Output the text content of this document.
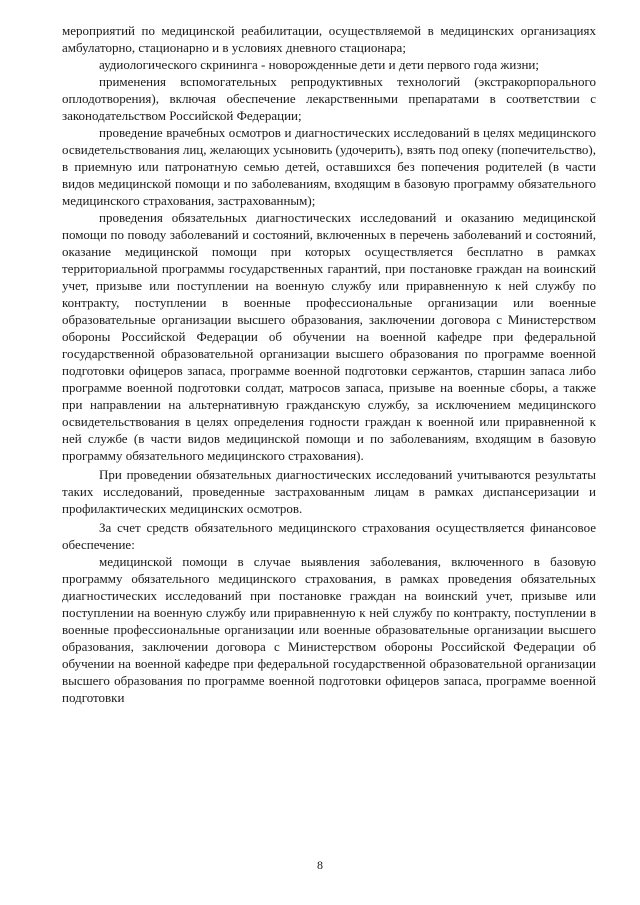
мероприятий по медицинской реабилитации, осуществляемой в медицинских организациях амбулаторно, стационарно и в условиях дневного стационара;

аудиологического скрининга - новорожденные дети и дети первого года жизни;

применения вспомогательных репродуктивных технологий (экстракорпорального оплодотворения), включая обеспечение лекарственными препаратами в соответствии с законодательством Российской Федерации;

проведение врачебных осмотров и диагностических исследований в целях медицинского освидетельствования лиц, желающих усыновить (удочерить), взять под опеку (попечительство), в приемную или патронатную семью детей, оставшихся без попечения родителей (в части видов медицинской помощи и по заболеваниям, входящим в базовую программу обязательного медицинского страхования, застрахованным);

проведения обязательных диагностических исследований и оказанию медицинской помощи по поводу заболеваний и состояний, включенных в перечень заболеваний и состояний, оказание медицинской помощи при которых осуществляется бесплатно в рамках территориальной программы государственных гарантий, при постановке граждан на воинский учет, призыве или поступлении на военную службу или приравненную к ней службу по контракту, поступлении в военные профессиональные организации или военные образовательные организации высшего образования, заключении договора с Министерством обороны Российской Федерации об обучении на военной кафедре при федеральной государственной образовательной организации высшего образования по программе военной подготовки офицеров запаса, программе военной подготовки сержантов, старшин запаса либо программе военной подготовки солдат, матросов запаса, призыве на военные сборы, а также при направлении на альтернативную гражданскую службу, за исключением медицинского освидетельствования в целях определения годности граждан к военной или приравненной к ней службе (в части видов медицинской помощи и по заболеваниям, входящим в базовую программу обязательного медицинского страхования).

При проведении обязательных диагностических исследований учитываются результаты таких исследований, проведенные застрахованным лицам в рамках диспансеризации и профилактических медицинских осмотров.

За счет средств обязательного медицинского страхования осуществляется финансовое обеспечение:

медицинской помощи в случае выявления заболевания, включенного в базовую программу обязательного медицинского страхования, в рамках проведения обязательных диагностических исследований при постановке граждан на воинский учет, призыве или поступлении на военную службу или приравненную к ней службу по контракту, поступлении в военные профессиональные организации или военные образовательные организации высшего образования, заключении договора с Министерством обороны Российской Федерации об обучении на военной кафедре при федеральной государственной образовательной организации высшего образования по программе военной подготовки офицеров запаса, программе военной подготовки

8
